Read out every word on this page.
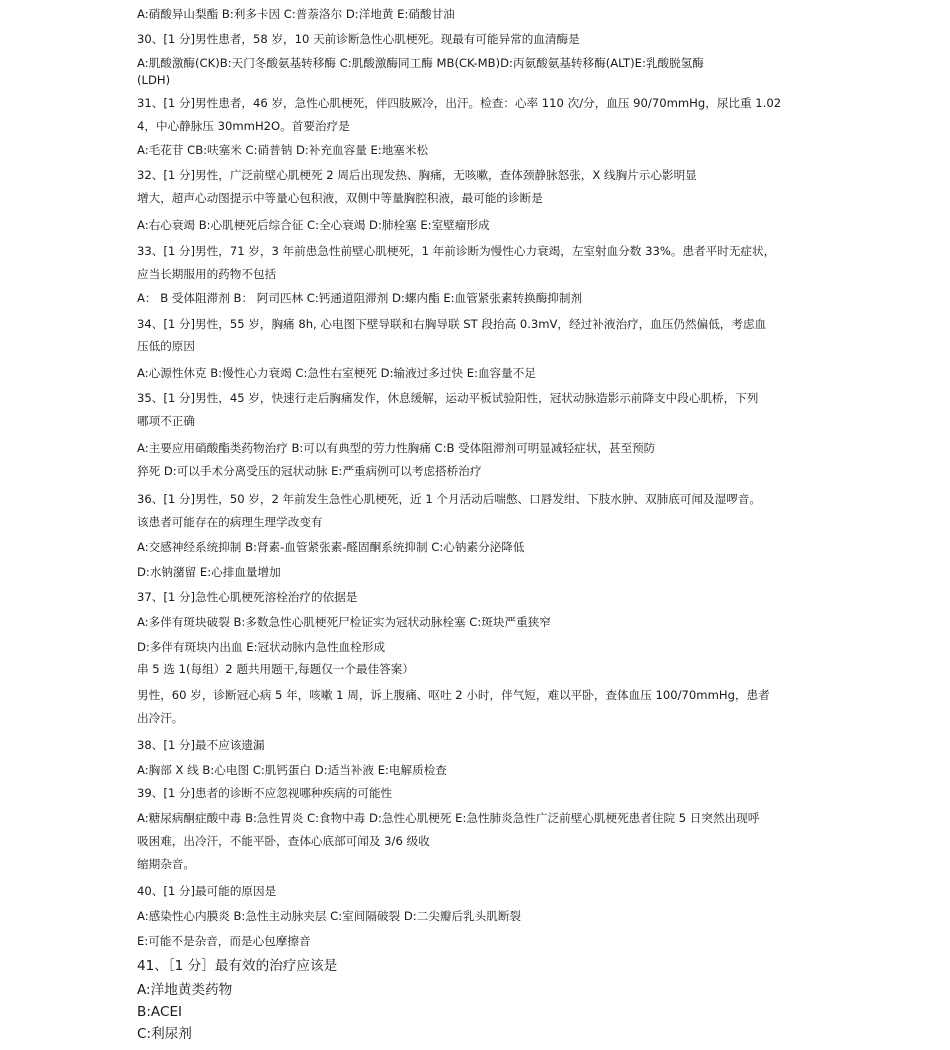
A:硝酸异山梨酯 B:利多卡因 C:普萘洛尔 D:洋地黄 E:硝酸甘油
30、[1 分]男性患者，58 岁，10 天前诊断急性心肌梗死。现最有可能异常的血清酶是
A:肌酸激酶(CK)B:天门冬酸氨基转移酶 C:肌酸激酶同工酶 MB(CK-MB)D:丙氨酸氨基转移酶(ALT)E:乳酸脱氢酶
(LDH)
31、[1 分]男性患者，46 岁，急性心肌梗死，伴四肢厥冷，出汗。检查：心率 110 次/分，血压 90/70mmHg，尿比重 1.02
4，中心静脉压 30mmH2O。首要治疗是
A:毛花苷 CB:呋塞米 C:硝普钠 D:补充血容量 E:地塞米松
32、[1 分]男性，广泛前壁心肌梗死 2 周后出现发热、胸痛，无咳嗽，查体颈静脉怒张，X 线胸片示心影明显
增大，超声心动图提示中等量心包积液，双侧中等量胸腔积液，最可能的诊断是
A:右心衰竭 B:心肌梗死后综合征 C:全心衰竭 D:肺栓塞 E:室壁瘤形成
33、[1 分]男性，71 岁，3 年前患急性前壁心肌梗死，1 年前诊断为慢性心力衰竭，左室射血分数 33%。患者平时无症状，
应当长期服用的药物不包括
A： B 受体阻滞剂 B： 阿司匹林 C:钙通道阻滞剂 D:螺内酯 E:血管紧张素转换酶抑制剂
34、[1 分]男性，55 岁，胸痛 8h, 心电图下壁导联和右胸导联 ST 段抬高 0.3mV，经过补液治疗，血压仍然偏低，考虑血
压低的原因
A:心源性休克 B:慢性心力衰竭 C:急性右室梗死 D:输液过多过快 E:血容量不足
35、[1 分]男性，45 岁，快速行走后胸痛发作，休息缓解，运动平板试验阳性，冠状动脉造影示前降支中段心肌桥，下列
哪项不正确
A:主要应用硝酸酯类药物治疗 B:可以有典型的劳力性胸痛 C:B 受体阻滞剂可明显减轻症状，甚至预防
猝死 D:可以手术分离受压的冠状动脉 E:严重病例可以考虑搭桥治疗
36、[1 分]男性，50 岁，2 年前发生急性心肌梗死，近 1 个月活动后喘憋、口唇发绀、下肢水肿、双肺底可闻及湿啰音。
该患者可能存在的病理生理学改变有
A:交感神经系统抑制 B:肾素-血管紧张素-醛固酮系统抑制 C:心钠素分泌降低
D:水钠潴留 E:心排血量增加
37、[1 分]急性心肌梗死溶栓治疗的依据是
A:多伴有斑块破裂 B:多数急性心肌梗死尸检证实为冠状动脉栓塞 C:斑块严重狭窄
D:多伴有斑块内出血 E:冠状动脉内急性血栓形成
串 5 选 1(每组）2 题共用题干,每题仅一个最佳答案）
男性，60 岁，诊断冠心病 5 年，咳嗽 1 周，诉上腹痛、呕吐 2 小时，伴气短，难以平卧，查体血压 100/70mmHg，患者
出冷汗。
38、[1 分]最不应该遗漏
A:胸部 X 线 B:心电图 C:肌钙蛋白 D:适当补液 E:电解质检查
39、[1 分]患者的诊断不应忽视哪种疾病的可能性
A:糖尿病酮症酸中毒 B:急性胃炎 C:食物中毒 D:急性心肌梗死 E:急性肺炎急性广泛前壁心肌梗死患者住院 5 日突然出现呼
吸困难，出冷汗，不能平卧，查体心底部可闻及 3/6 级收
缩期杂音。
40、[1 分]最可能的原因是
A:感染性心内膜炎 B:急性主动脉夹层 C:室间隔破裂 D:二尖瓣后乳头肌断裂
E:可能不是杂音，而是心包摩擦音
41、［1 分］最有效的治疗应该是
A:洋地黄类药物
B:ACEI
C:利尿剂
